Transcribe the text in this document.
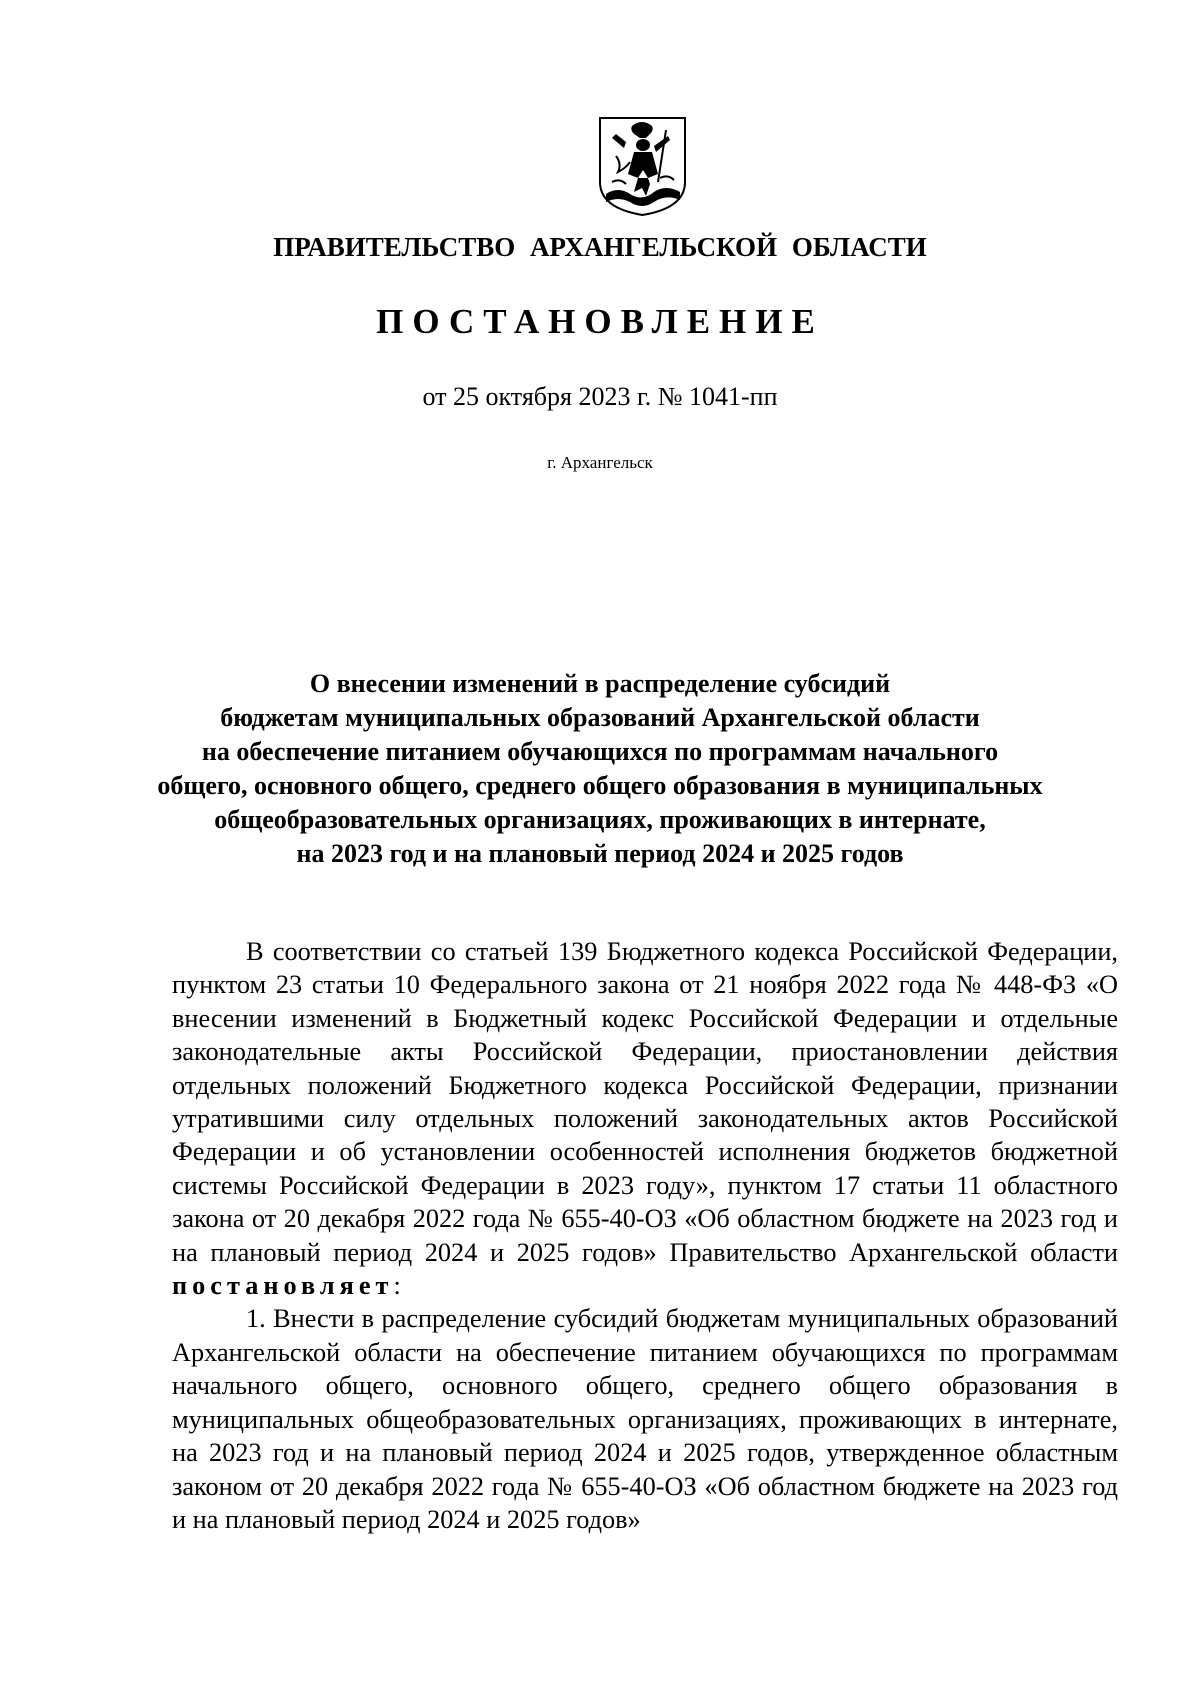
ПРАВИТЕЛЬСТВО АРХАНГЕЛЬСКОЙ ОБЛАСТИ
ПОСТАНОВЛЕНИЕ
от 25 октября 2023 г. № 1041-пп
г. Архангельск
О внесении изменений в распределение субсидий
бюджетам муниципальных образований Архангельской области
на обеспечение питанием обучающихся по программам начального
общего, основного общего, среднего общего образования в муниципальных
общеобразовательных организациях, проживающих в интернате,
на 2023 год и на плановый период 2024 и 2025 годов

В соответствии со статьей 139 Бюджетного кодекса Российской Федерации, пунктом 23 статьи 10 Федерального закона от 21 ноября 2022 года № 448-ФЗ «О внесении изменений в Бюджетный кодекс Российской Федерации и отдельные законодательные акты Российской Федерации, приостановлении действия отдельных положений Бюджетного кодекса Российской Федерации, признании утратившими силу отдельных положений законодательных актов Российской Федерации и об установлении особенностей исполнения бюджетов бюджетной системы Российской Федерации в 2023 году», пунктом 17 статьи 11 областного закона от 20 декабря 2022 года № 655-40-ОЗ «Об областном бюджете на 2023 год и на плановый период 2024 и 2025 годов» Правительство Архангельской области постановляет:

1. Внести в распределение субсидий бюджетам муниципальных образований Архангельской области на обеспечение питанием обучающихся по программам начального общего, основного общего, среднего общего образования в муниципальных общеобразовательных организациях, проживающих в интернате, на 2023 год и на плановый период 2024 и 2025 годов, утвержденное областным законом от 20 декабря 2022 года № 655-40-ОЗ «Об областном бюджете на 2023 год и на плановый период 2024 и 2025 годов»
